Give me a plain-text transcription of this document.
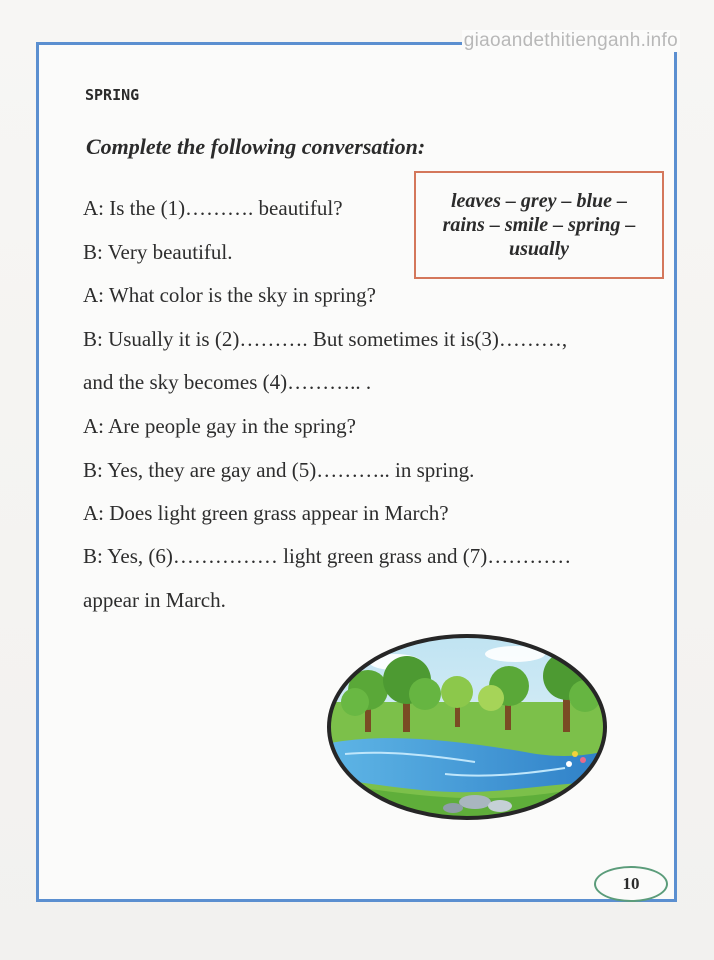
giaoandethitienganh.info
SPRING
Complete the following conversation:
leaves – grey – blue –
rains – smile – spring –
usually
A: Is the (1)………. beautiful?
B: Very beautiful.
A: What color is the sky in spring?
B: Usually it is (2)………. But sometimes it is(3)………,
and the sky becomes (4)……….. .
A: Are people gay in the spring?
B: Yes, they are gay and (5)……….. in spring.
A: Does light green grass appear in March?
B: Yes, (6)…………… light green grass and (7)…………
appear in March.
10
